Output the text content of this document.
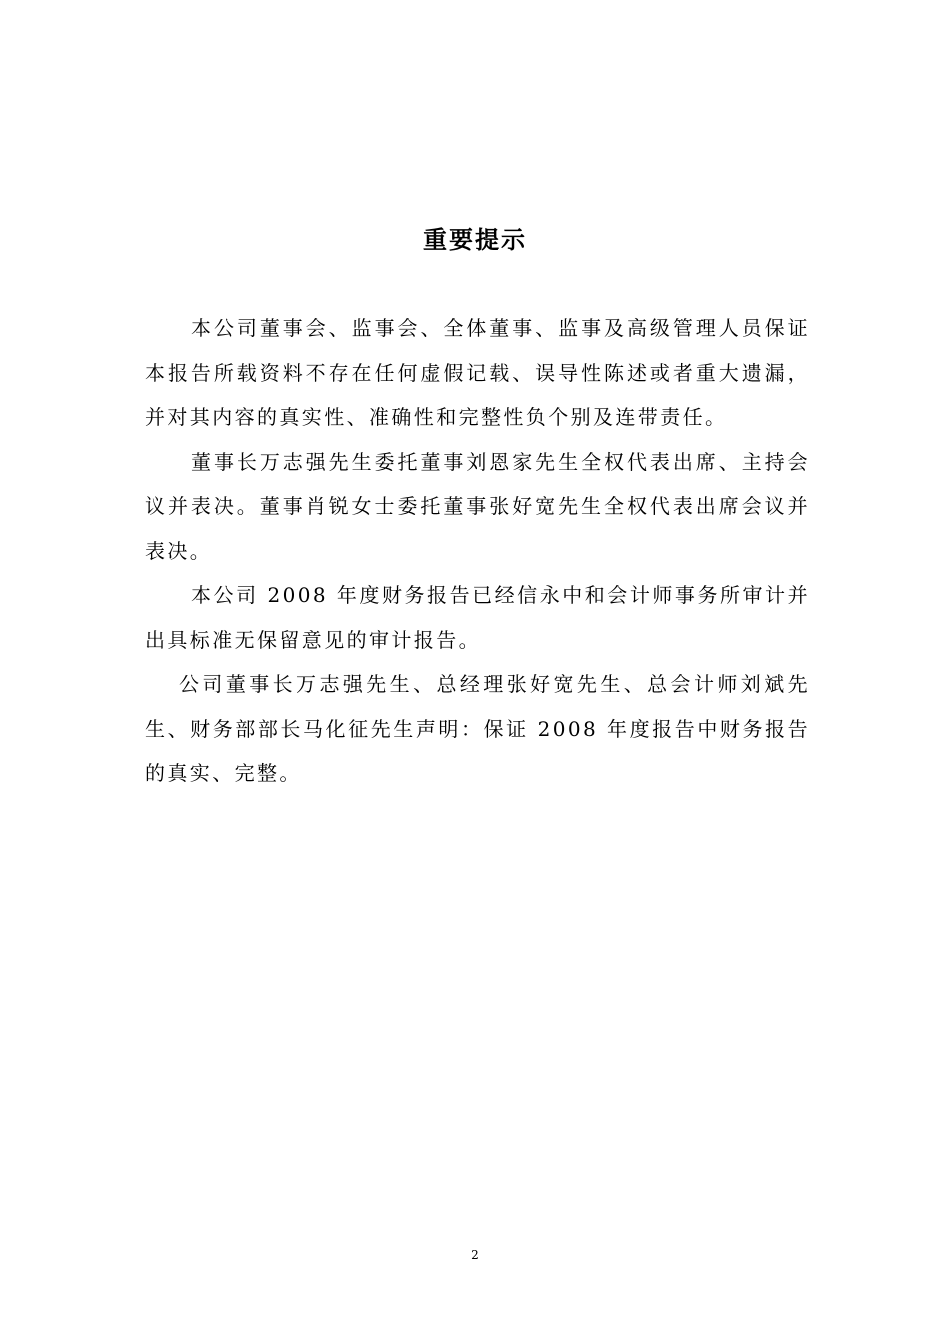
重要提示

本公司董事会、监事会、全体董事、监事及高级管理人员保证本报告所载资料不存在任何虚假记载、误导性陈述或者重大遗漏，并对其内容的真实性、准确性和完整性负个别及连带责任。

董事长万志强先生委托董事刘恩家先生全权代表出席、主持会议并表决。董事肖锐女士委托董事张好宽先生全权代表出席会议并表决。

本公司 2008 年度财务报告已经信永中和会计师事务所审计并出具标准无保留意见的审计报告。

公司董事长万志强先生、总经理张好宽先生、总会计师刘斌先生、财务部部长马化征先生声明：保证 2008 年度报告中财务报告的真实、完整。

2
